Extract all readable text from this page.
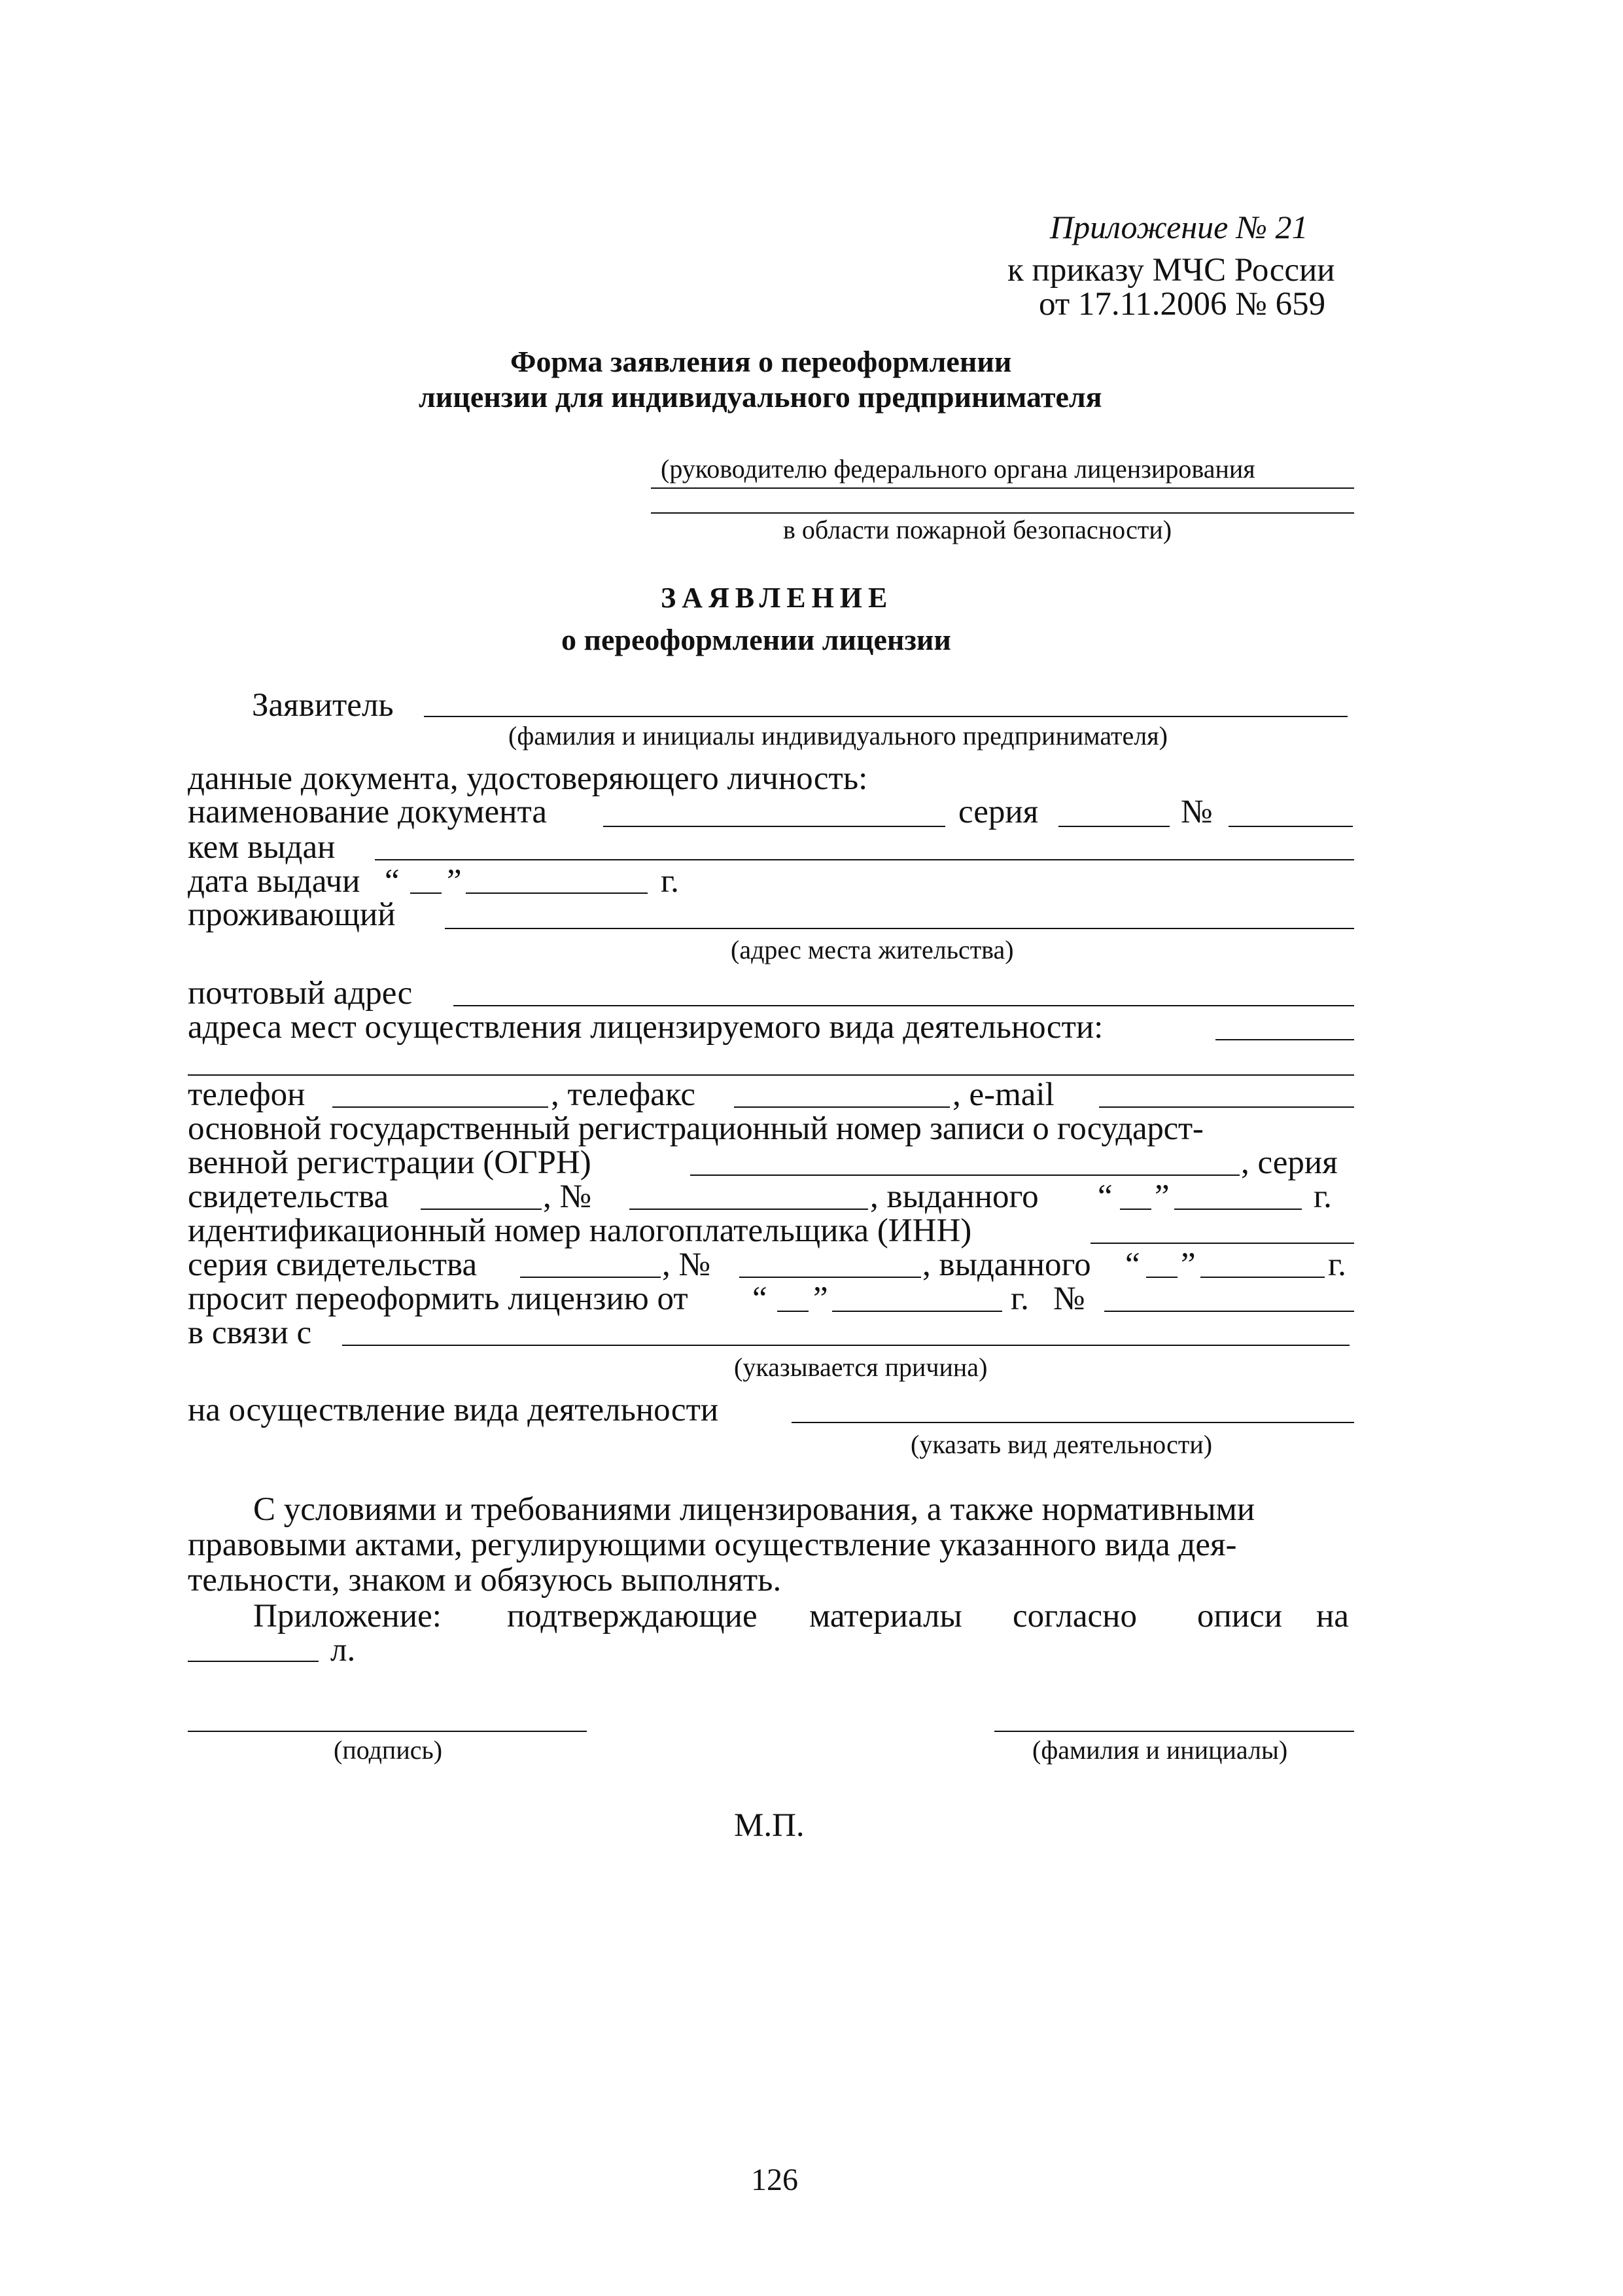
Приложение № 21
к приказу МЧС России
от 17.11.2006 № 659
Форма заявления о переоформлении
лицензии для индивидуального предпринимателя
(руководителю федерального органа лицензирования
в области пожарной безопасности)
ЗАЯВЛЕНИЕ
о переоформлении лицензии
Заявитель
(фамилия и инициалы индивидуального предпринимателя)
данные документа, удостоверяющего личность:
наименование документа	серия	№
кем выдан
дата выдачи “ ”	г.
проживающий
(адрес места жительства)
почтовый адрес
адреса мест осуществления лицензируемого вида деятельности:
телефон	, телефакс	, e-mail
основной государственный регистрационный номер записи о государст-
венной регистрации (ОГРН)	, серия
свидетельства	, №	, выданного “ ”	г.
идентификационный номер налогоплательщика (ИНН)
серия свидетельства	, №	, выданного “ ”	г.
просит переоформить лицензию от “ ”	г. №
в связи с
(указывается причина)
на осуществление вида деятельности
(указать вид деятельности)
С условиями и требованиями лицензирования, а также нормативными
правовыми актами, регулирующими осуществление указанного вида дея-
тельности, знаком и обязуюсь выполнять.
Приложение: подтверждающие материалы согласно описи на
л.
(подпись)	(фамилия и инициалы)
М.П.
126
